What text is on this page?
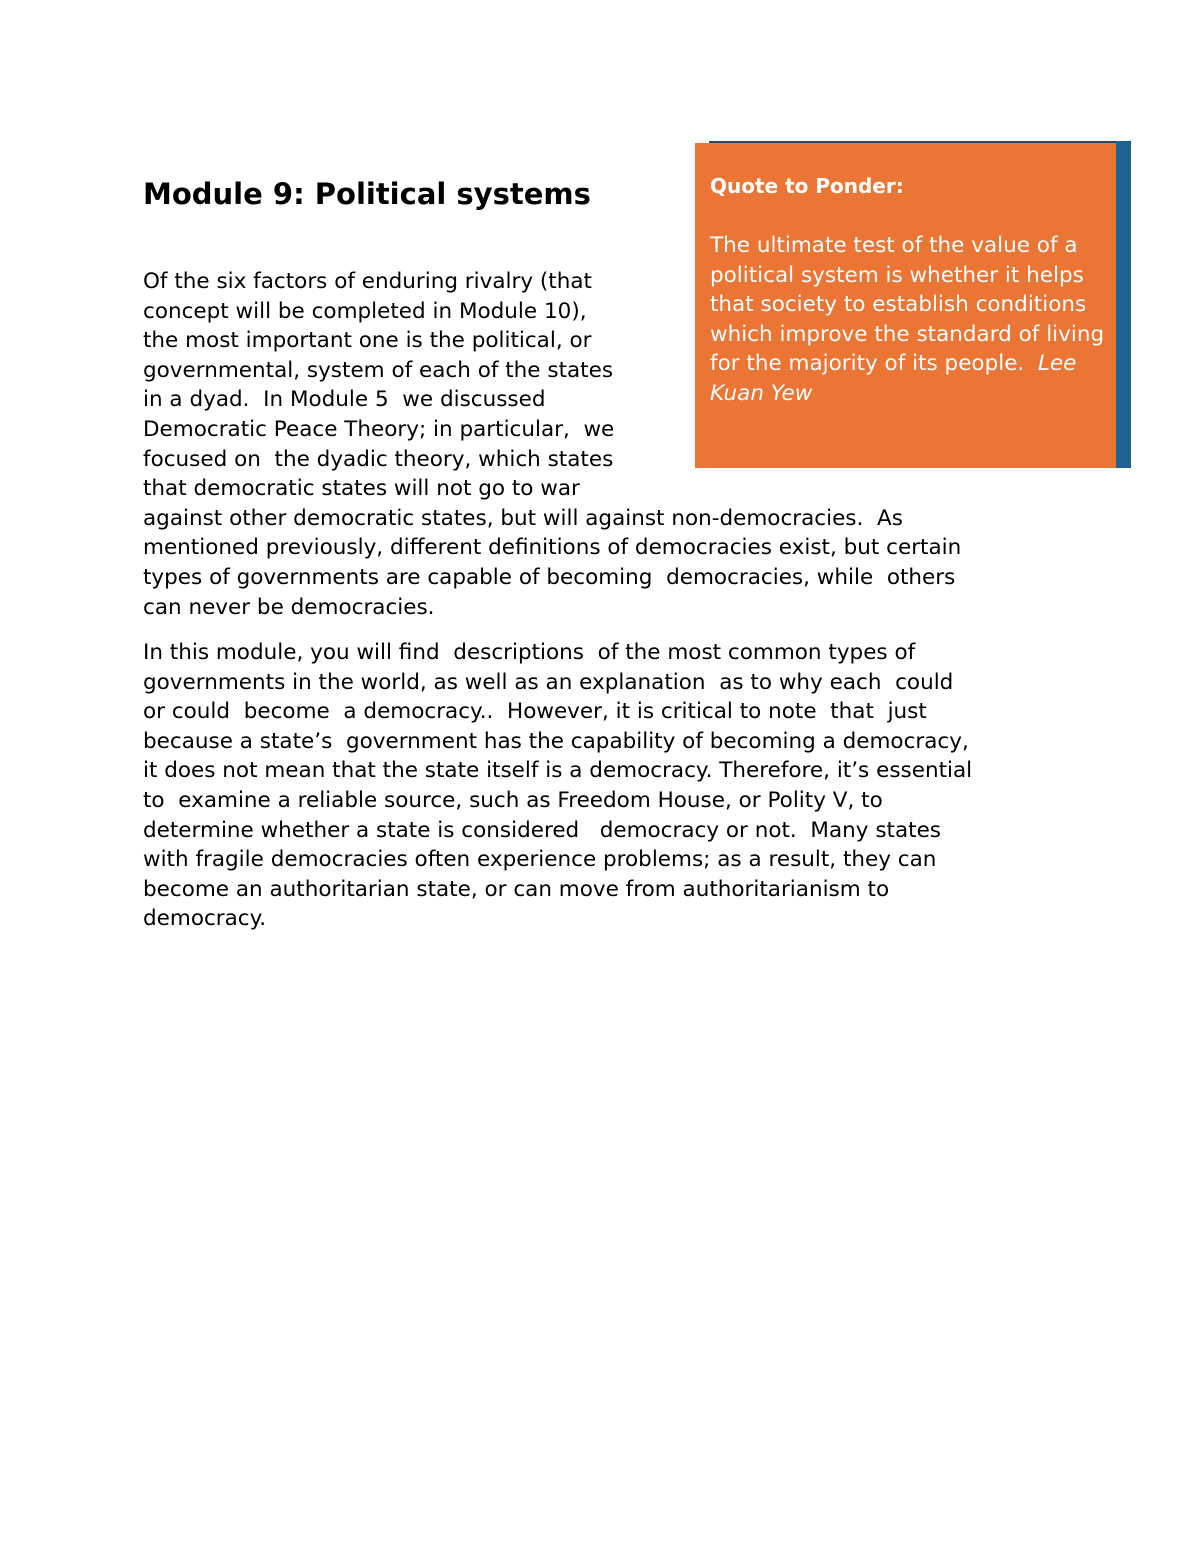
Quote to Ponder:

The ultimate test of the value of a political system is whether it helps that society to establish conditions which improve the standard of living for the majority of its people. Lee Kuan Yew

Module 9: Political systems
Of the six factors of enduring rivalry (that
concept will be completed in Module 10),
the most important one is the political, or
governmental, system of each of the states
in a dyad.  In Module 5  we discussed
Democratic Peace Theory; in particular,  we
focused on  the dyadic theory, which states
that democratic states will not go to war
against other democratic states, but will against non-democracies.  As
mentioned previously, different definitions of democracies exist, but certain
types of governments are capable of becoming  democracies, while  others
can never be democracies.
In this module, you will find  descriptions  of the most common types of
governments in the world, as well as an explanation  as to why each  could
or could  become  a democracy..  However, it is critical to note  that  just
because a state’s  government has the capability of becoming a democracy,
it does not mean that the state itself is a democracy. Therefore, it’s essential
to  examine a reliable source, such as Freedom House, or Polity V, to
determine whether a state is considered   democracy or not.  Many states
with fragile democracies often experience problems; as a result, they can
become an authoritarian state, or can move from authoritarianism to
democracy.
